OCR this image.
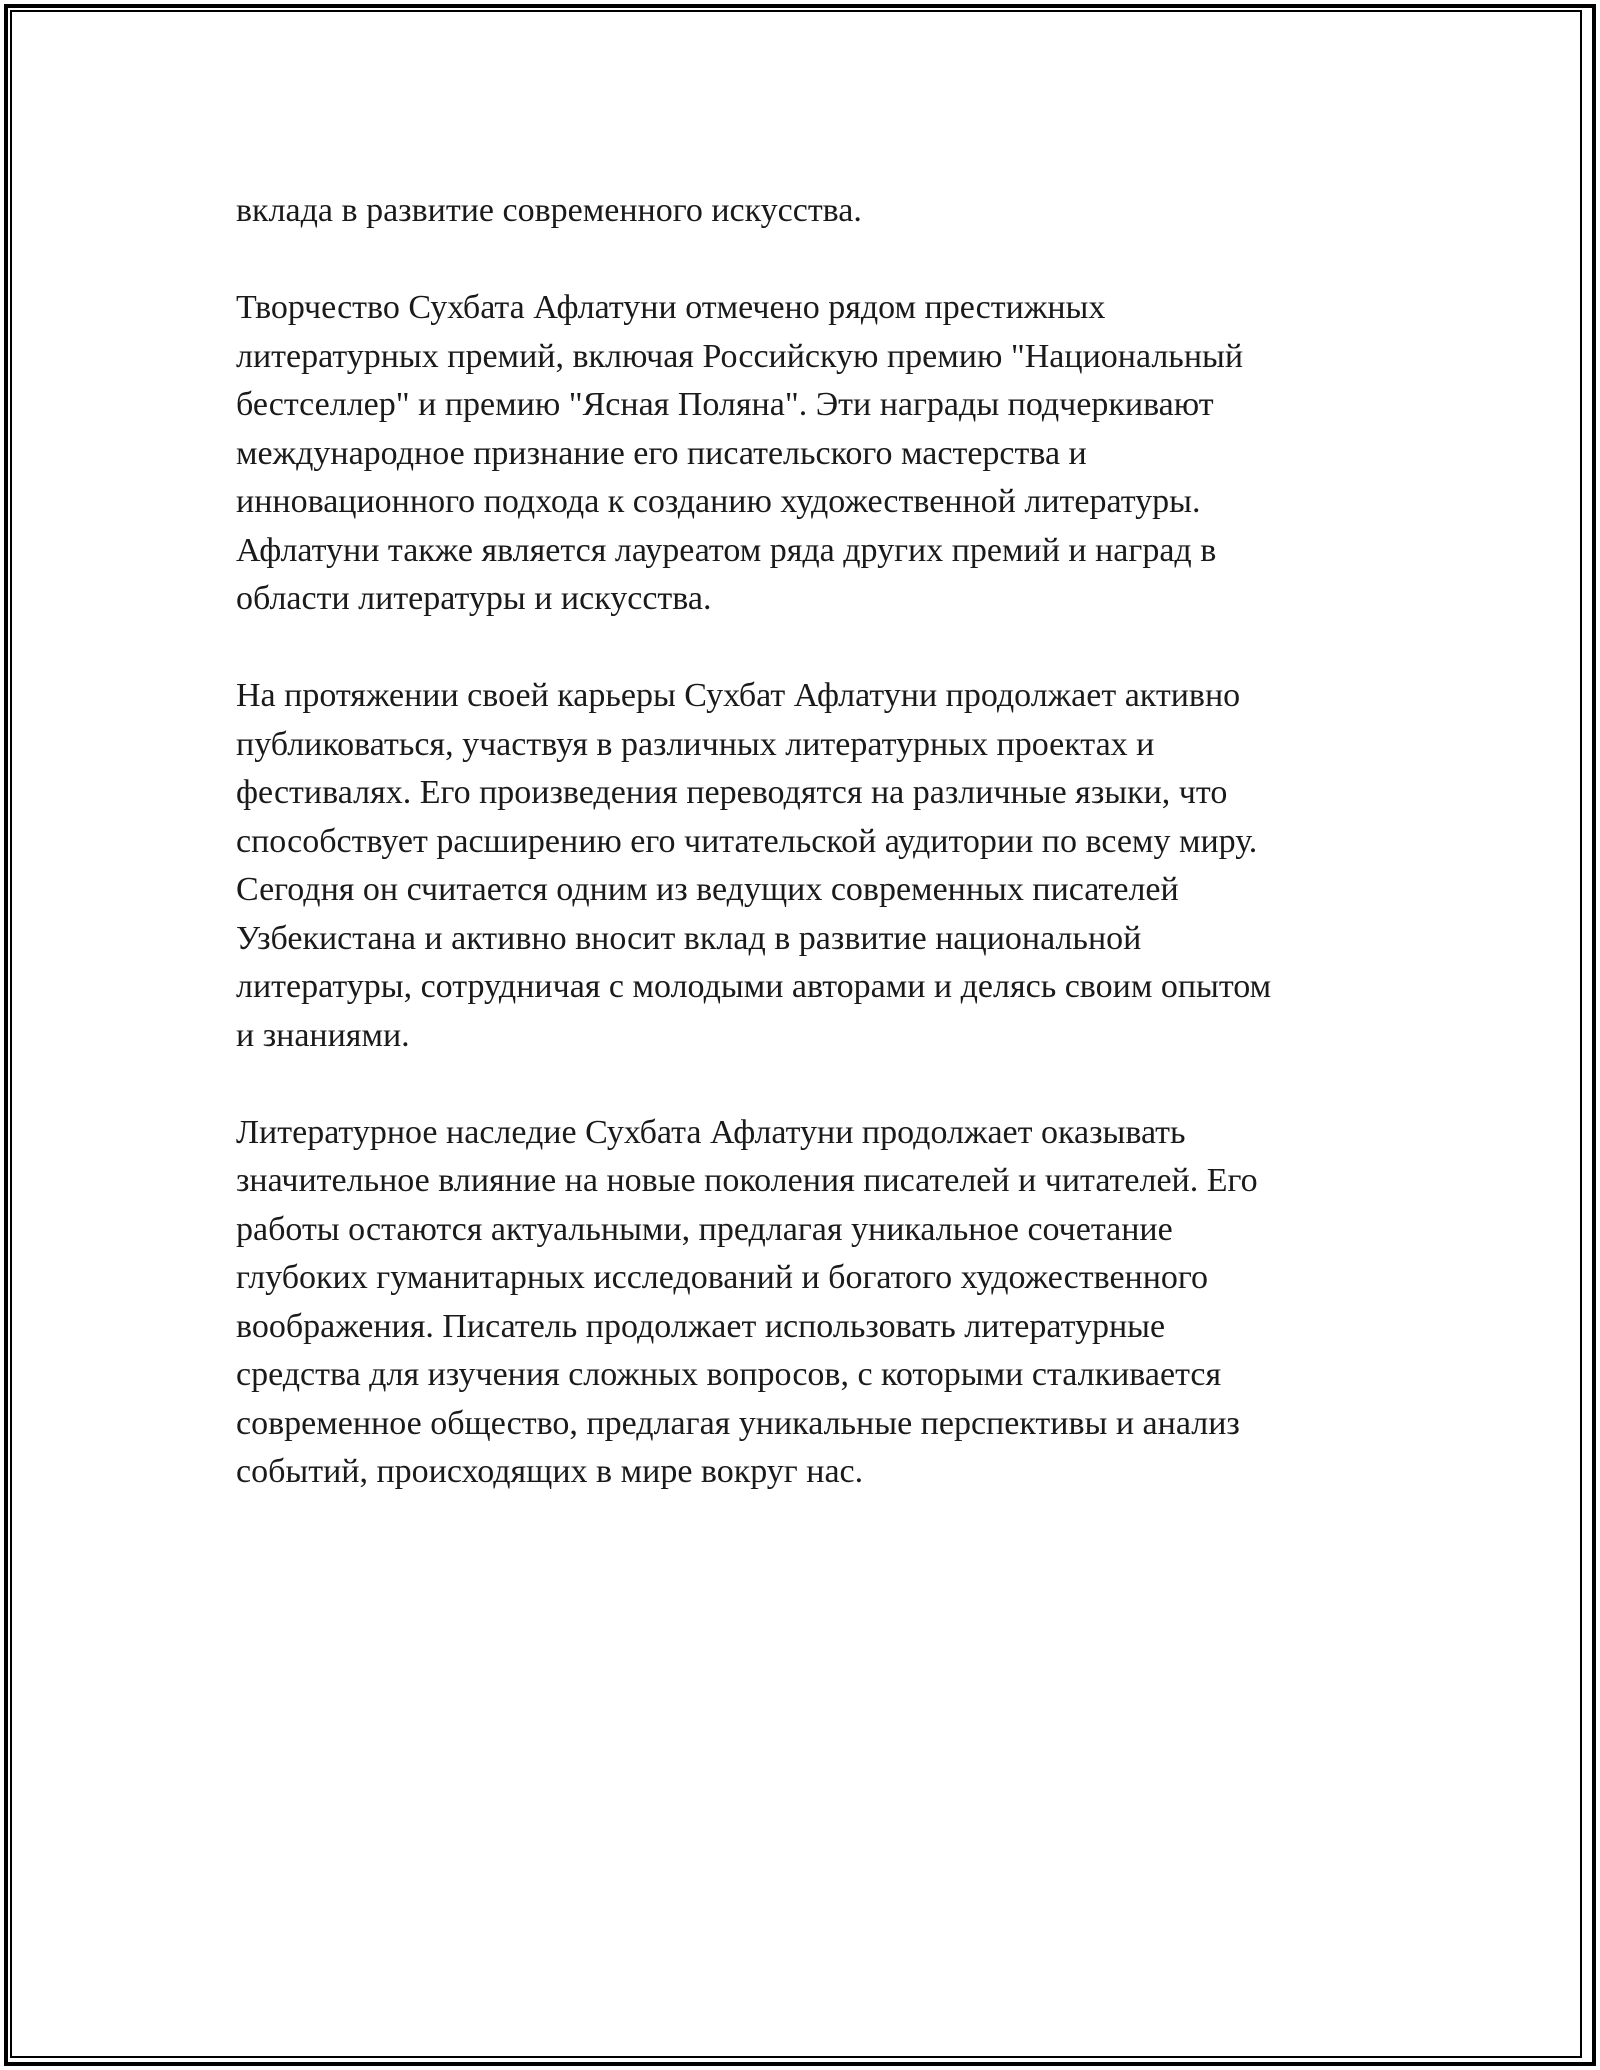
вклада в развитие современного искусства.

Творчество Сухбата Афлатуни отмечено рядом престижных
литературных премий, включая Российскую премию "Национальный
бестселлер" и премию "Ясная Поляна". Эти награды подчеркивают
международное признание его писательского мастерства и
инновационного подхода к созданию художественной литературы.
Афлатуни также является лауреатом ряда других премий и наград в
области литературы и искусства.

На протяжении своей карьеры Сухбат Афлатуни продолжает активно
публиковаться, участвуя в различных литературных проектах и
фестивалях. Его произведения переводятся на различные языки, что
способствует расширению его читательской аудитории по всему миру.
Сегодня он считается одним из ведущих современных писателей
Узбекистана и активно вносит вклад в развитие национальной
литературы, сотрудничая с молодыми авторами и делясь своим опытом
и знаниями.

Литературное наследие Сухбата Афлатуни продолжает оказывать
значительное влияние на новые поколения писателей и читателей. Его
работы остаются актуальными, предлагая уникальное сочетание
глубоких гуманитарных исследований и богатого художественного
воображения. Писатель продолжает использовать литературные
средства для изучения сложных вопросов, с которыми сталкивается
современное общество, предлагая уникальные перспективы и анализ
событий, происходящих в мире вокруг нас.
